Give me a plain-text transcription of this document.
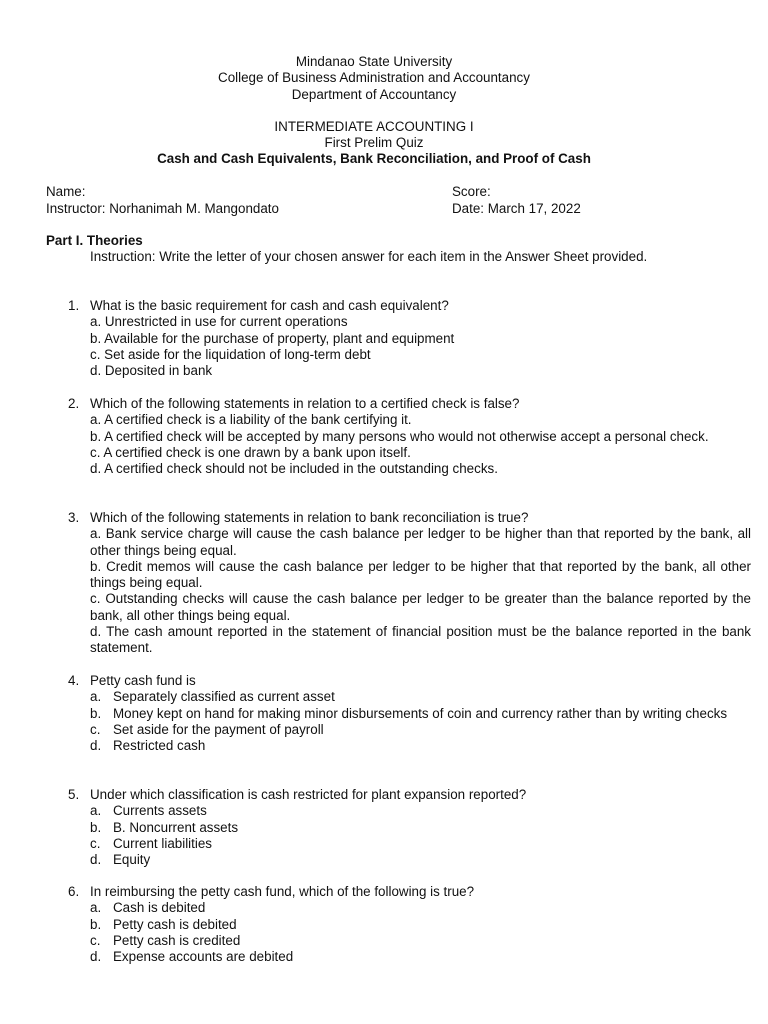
Mindanao State University
College of Business Administration and Accountancy
Department of Accountancy
INTERMEDIATE ACCOUNTING I
First Prelim Quiz
Cash and Cash Equivalents, Bank Reconciliation, and Proof of Cash
Name:	Score:
Instructor: Norhanimah M. Mangondato	Date: March 17, 2022
Part I. Theories
Instruction: Write the letter of your chosen answer for each item in the Answer Sheet provided.
1. What is the basic requirement for cash and cash equivalent?
a. Unrestricted in use for current operations
b. Available for the purchase of property, plant and equipment
c. Set aside for the liquidation of long-term debt
d. Deposited in bank
2. Which of the following statements in relation to a certified check is false?
a. A certified check is a liability of the bank certifying it.
b. A certified check will be accepted by many persons who would not otherwise accept a personal check.
c. A certified check is one drawn by a bank upon itself.
d. A certified check should not be included in the outstanding checks.
3. Which of the following statements in relation to bank reconciliation is true?
a. Bank service charge will cause the cash balance per ledger to be higher than that reported by the bank, all other things being equal.
b. Credit memos will cause the cash balance per ledger to be higher that that reported by the bank, all other things being equal.
c. Outstanding checks will cause the cash balance per ledger to be greater than the balance reported by the bank, all other things being equal.
d. The cash amount reported in the statement of financial position must be the balance reported in the bank statement.
4. Petty cash fund is
a. Separately classified as current asset
b. Money kept on hand for making minor disbursements of coin and currency rather than by writing checks
c. Set aside for the payment of payroll
d. Restricted cash
5. Under which classification is cash restricted for plant expansion reported?
a. Currents assets
b. B. Noncurrent assets
c. Current liabilities
d. Equity
6. In reimbursing the petty cash fund, which of the following is true?
a. Cash is debited
b. Petty cash is debited
c. Petty cash is credited
d. Expense accounts are debited
